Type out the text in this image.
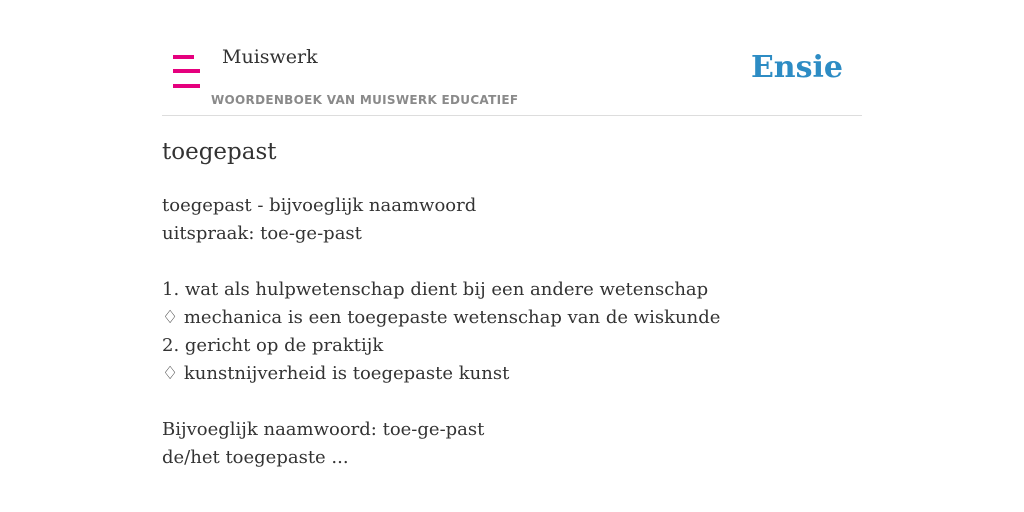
Muiswerk
WOORDENBOEK VAN MUISWERK EDUCATIEF
Ensie
toegepast
toegepast - bijvoeglijk naamwoord
uitspraak: toe-ge-past
1. wat als hulpwetenschap dient bij een andere wetenschap
♢ mechanica is een toegepaste wetenschap van de wiskunde
2. gericht op de praktijk
♢ kunstnijverheid is toegepaste kunst
Bijvoeglijk naamwoord: toe-ge-past
de/het toegepaste ...
